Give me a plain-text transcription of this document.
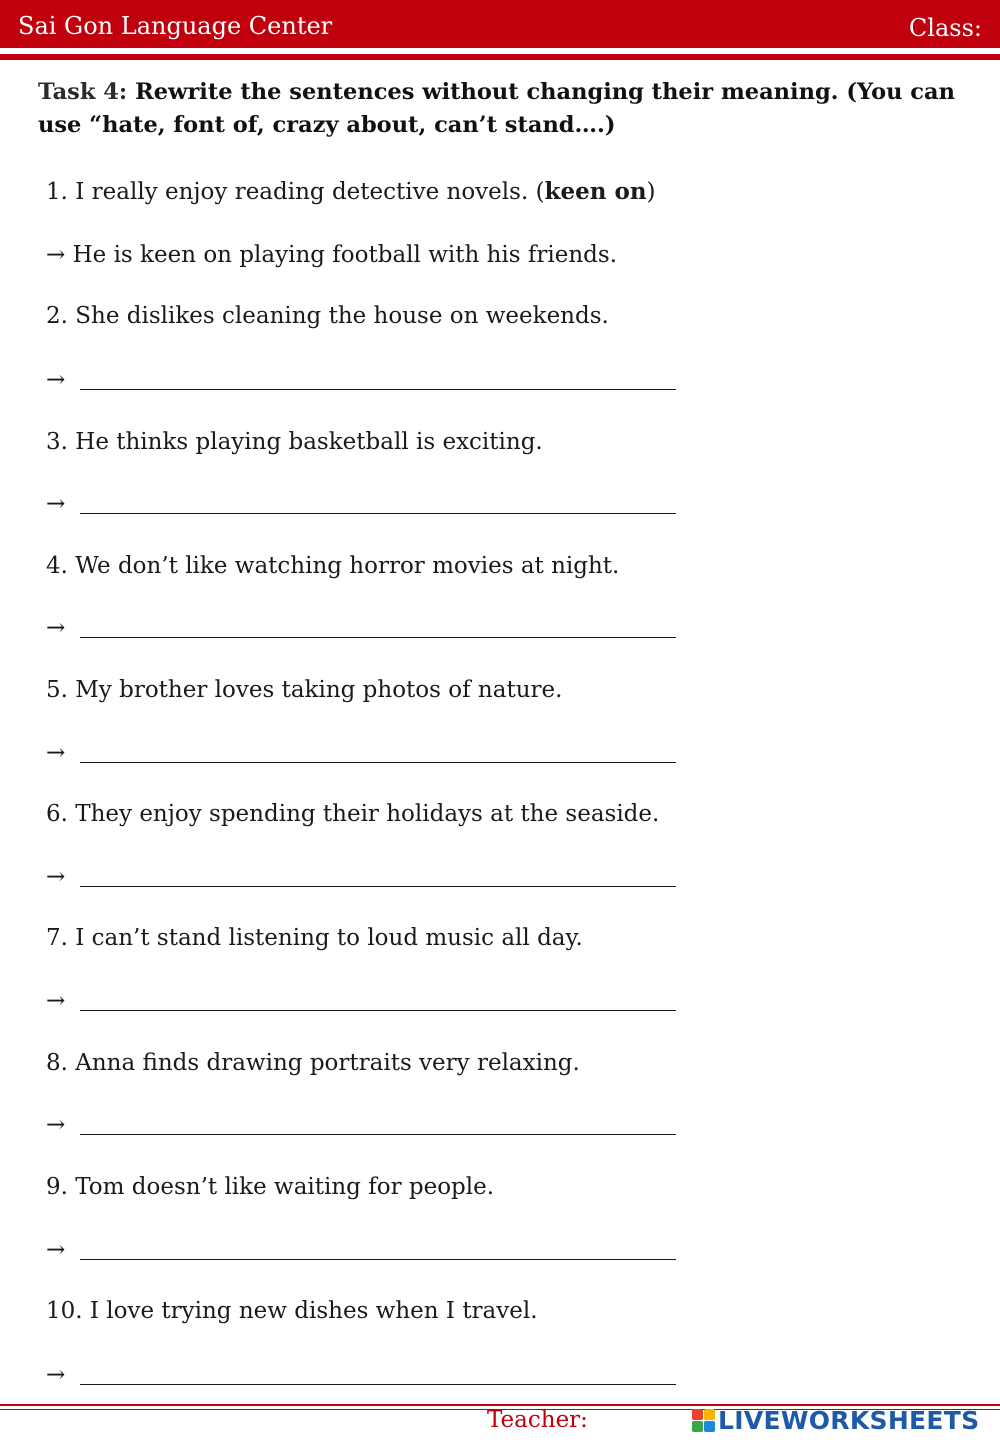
Sai Gon Language Center	Class:
Task 4: Rewrite the sentences without changing their meaning. (You can use “hate, font of, crazy about, can’t stand….)
1. I really enjoy reading detective novels. (keen on)
→ He is keen on playing football with his friends.
2. She dislikes cleaning the house on weekends.
→
3. He thinks playing basketball is exciting.
→
4. We don’t like watching horror movies at night.
→
5. My brother loves taking photos of nature.
→
6. They enjoy spending their holidays at the seaside.
→
7. I can’t stand listening to loud music all day.
→
8. Anna finds drawing portraits very relaxing.
→
9. Tom doesn’t like waiting for people.
→
10. I love trying new dishes when I travel.
→
Teacher:	LIVEWORKSHEETS
